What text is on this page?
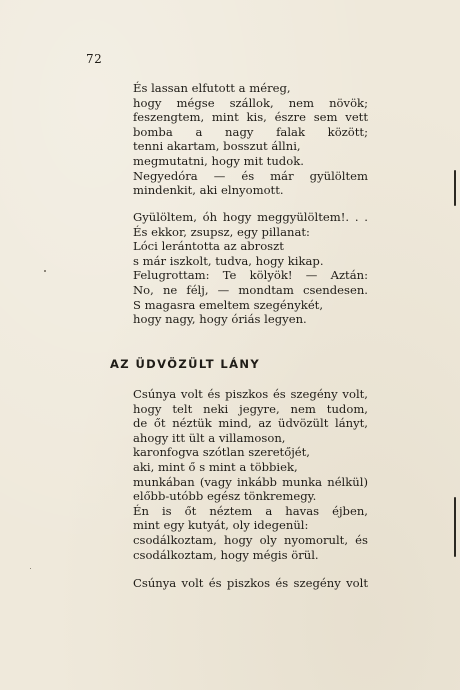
72
És lassan elfutott a méreg,
hogy mégse szállok, nem növök;
feszengtem, mint kis, észre sem vett
bomba a nagy falak között;
tenni akartam, bosszut állni,
megmutatni, hogy mit tudok.
Negyedóra — és már gyülöltem
mindenkit, aki elnyomott.
Gyülöltem, óh hogy meggyülöltem!. . .
És ekkor, zsupsz, egy pillanat:
Lóci lerántotta az abroszt
s már iszkolt, tudva, hogy kikap.
Felugrottam: Te kölyök! — Aztán:
No, ne félj, — mondtam csendesen.
S magasra emeltem szegénykét,
hogy nagy, hogy óriás legyen.
AZ ÜDVÖZÜLT LÁNY
Csúnya volt és piszkos és szegény volt,
hogy telt neki jegyre, nem tudom,
de őt néztük mind, az üdvözült lányt,
ahogy itt ült a villamoson,
karonfogva szótlan szeretőjét,
aki, mint ő s mint a többiek,
munkában (vagy inkább munka nélkül)
előbb-utóbb egész tönkremegy.
Én is őt néztem a havas éjben,
mint egy kutyát, oly idegenül:
csodálkoztam, hogy oly nyomorult, és
csodálkoztam, hogy mégis örül.
Csúnya volt és piszkos és szegény volt
